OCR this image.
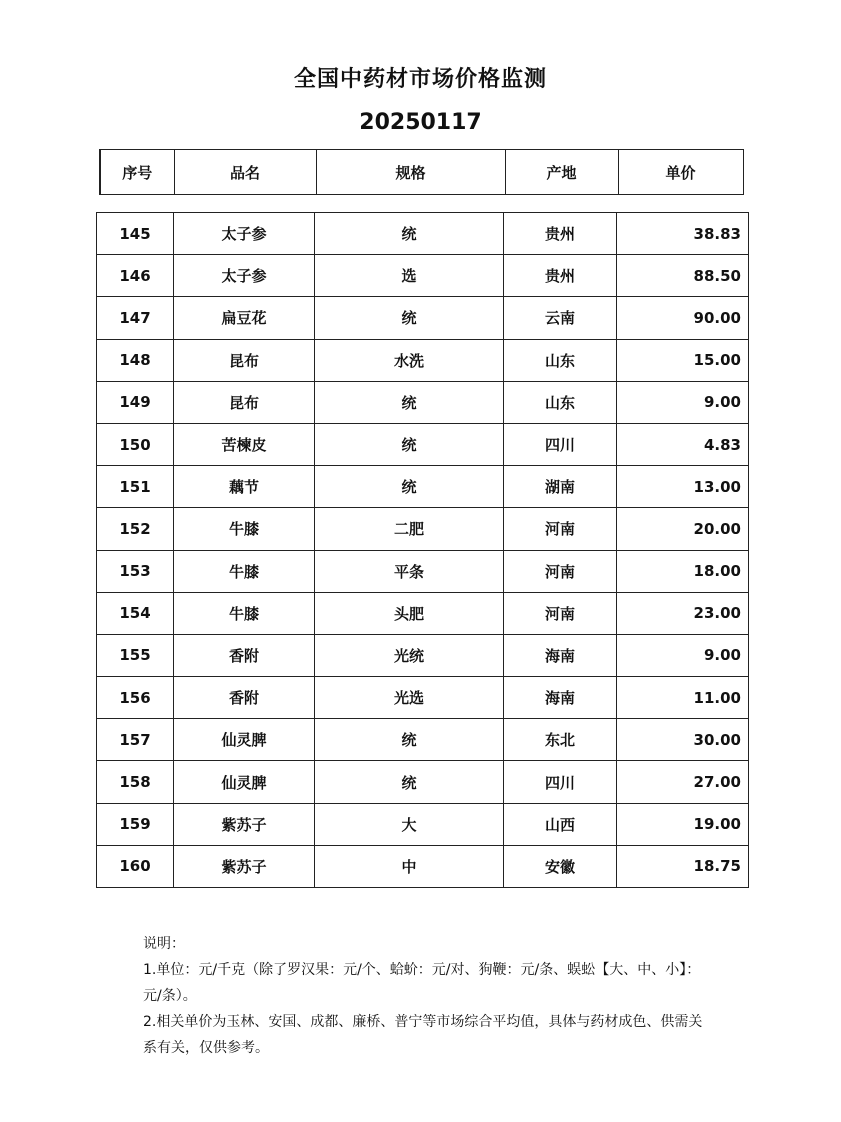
全国中药材市场价格监测
20250117
序号	品名	规格	产地	单价
145	太子参	统	贵州	38.83
146	太子参	选	贵州	88.50
147	扁豆花	统	云南	90.00
148	昆布	水洗	山东	15.00
149	昆布	统	山东	9.00
150	苦楝皮	统	四川	4.83
151	藕节	统	湖南	13.00
152	牛膝	二肥	河南	20.00
153	牛膝	平条	河南	18.00
154	牛膝	头肥	河南	23.00
155	香附	光统	海南	9.00
156	香附	光选	海南	11.00
157	仙灵脾	统	东北	30.00
158	仙灵脾	统	四川	27.00
159	紫苏子	大	山西	19.00
160	紫苏子	中	安徽	18.75

说明：

1.单位：元/千克（除了罗汉果：元/个、蛤蚧：元/对、狗鞭：元/条、蜈蚣【大、中、小】：元/条）。

2.相关单价为玉林、安国、成都、廉桥、普宁等市场综合平均值，具体与药材成色、供需关系有关，仅供参考。
